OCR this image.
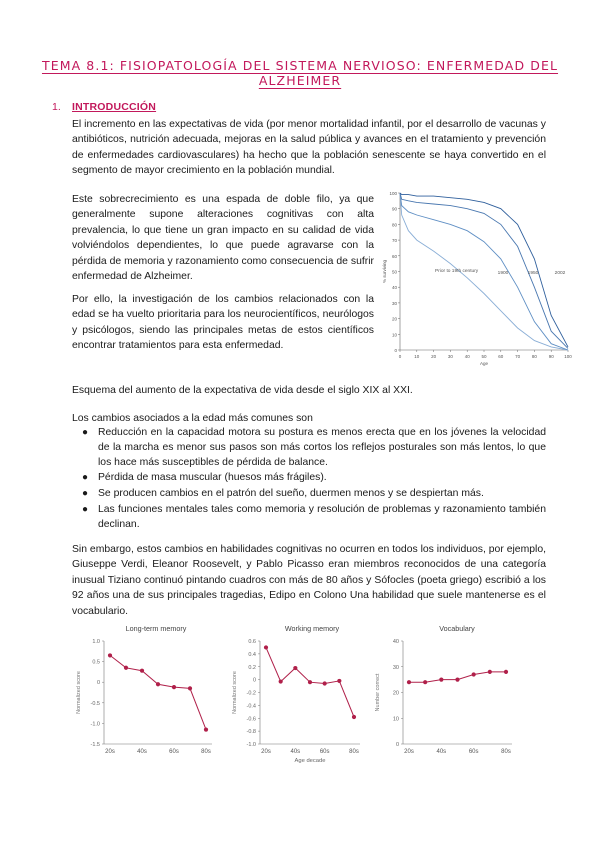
TEMA 8.1: FISIOPATOLOGÍA DEL SISTEMA NERVIOSO: ENFERMEDAD DEL ALZHEIMER
1. INTRODUCCIÓN

El incremento en las expectativas de vida (por menor mortalidad infantil, por el desarrollo de vacunas y antibióticos, nutrición adecuada, mejoras en la salud pública y avances en el tratamiento y prevención de enfermedades cardiovasculares) ha hecho que la población senescente se haya convertido en el segmento de mayor crecimiento en la población mundial.

Este sobrecrecimiento es una espada de doble filo, ya que generalmente supone alteraciones cognitivas con alta prevalencia, lo que tiene un gran impacto en su calidad de vida volviéndolos dependientes, lo que puede agravarse con la pérdida de memoria y razonamiento como consecuencia de sufrir enfermedad de Alzheimer.

Por ello, la investigación de los cambios relacionados con la edad se ha vuelto prioritaria para los neurocientíficos, neurólogos y psicólogos, siendo las principales metas de estos científicos encontrar tratamientos para esta enfermedad.

Esquema del aumento de la expectativa de vida desde el siglo XIX al XXI.

Los cambios asociados a la edad más comunes son

● Reducción en la capacidad motora su postura es menos erecta que en los jóvenes la velocidad de la marcha es menor sus pasos son más cortos los reflejos posturales son más lentos, lo que los hace más susceptibles de pérdida de balance.
● Pérdida de masa muscular (huesos más frágiles).
● Se producen cambios en el patrón del sueño, duermen menos y se despiertan más.
● Las funciones mentales tales como memoria y resolución de problemas y razonamiento también declinan.

Sin embargo, estos cambios en habilidades cognitivas no ocurren en todos los individuos, por ejemplo, Giuseppe Verdi, Eleanor Roosevelt, y Pablo Picasso eran miembros reconocidos de una categoría inusual Tiziano continuó pintando cuadros con más de 80 años y Sófocles (poeta griego) escribió a los 92 años una de sus principales tragedias, Edipo en Colono Una habilidad que suele mantenerse es el vocabulario.

0
10
20
30
40
50
60
70
80
90
100
0	10	20	30	40	50	60	70	80	90 100
Age
% surviving	Prior to 19th century	1900	1950	2002
Long-term memory
1.0
0.5
0
-0.5
-1.0
-1.5
20s	40s	60s	80s
Normalized score
Working memory
0.6
0.4
0.2
0
-0.2
-0.4
-0.6
-0.8
-1.0
20s	40s	60s	80s
Normalized score
Age decade
Vocabulary
40
30
20
10
0
20s	40s	60s	80s
Number correct
